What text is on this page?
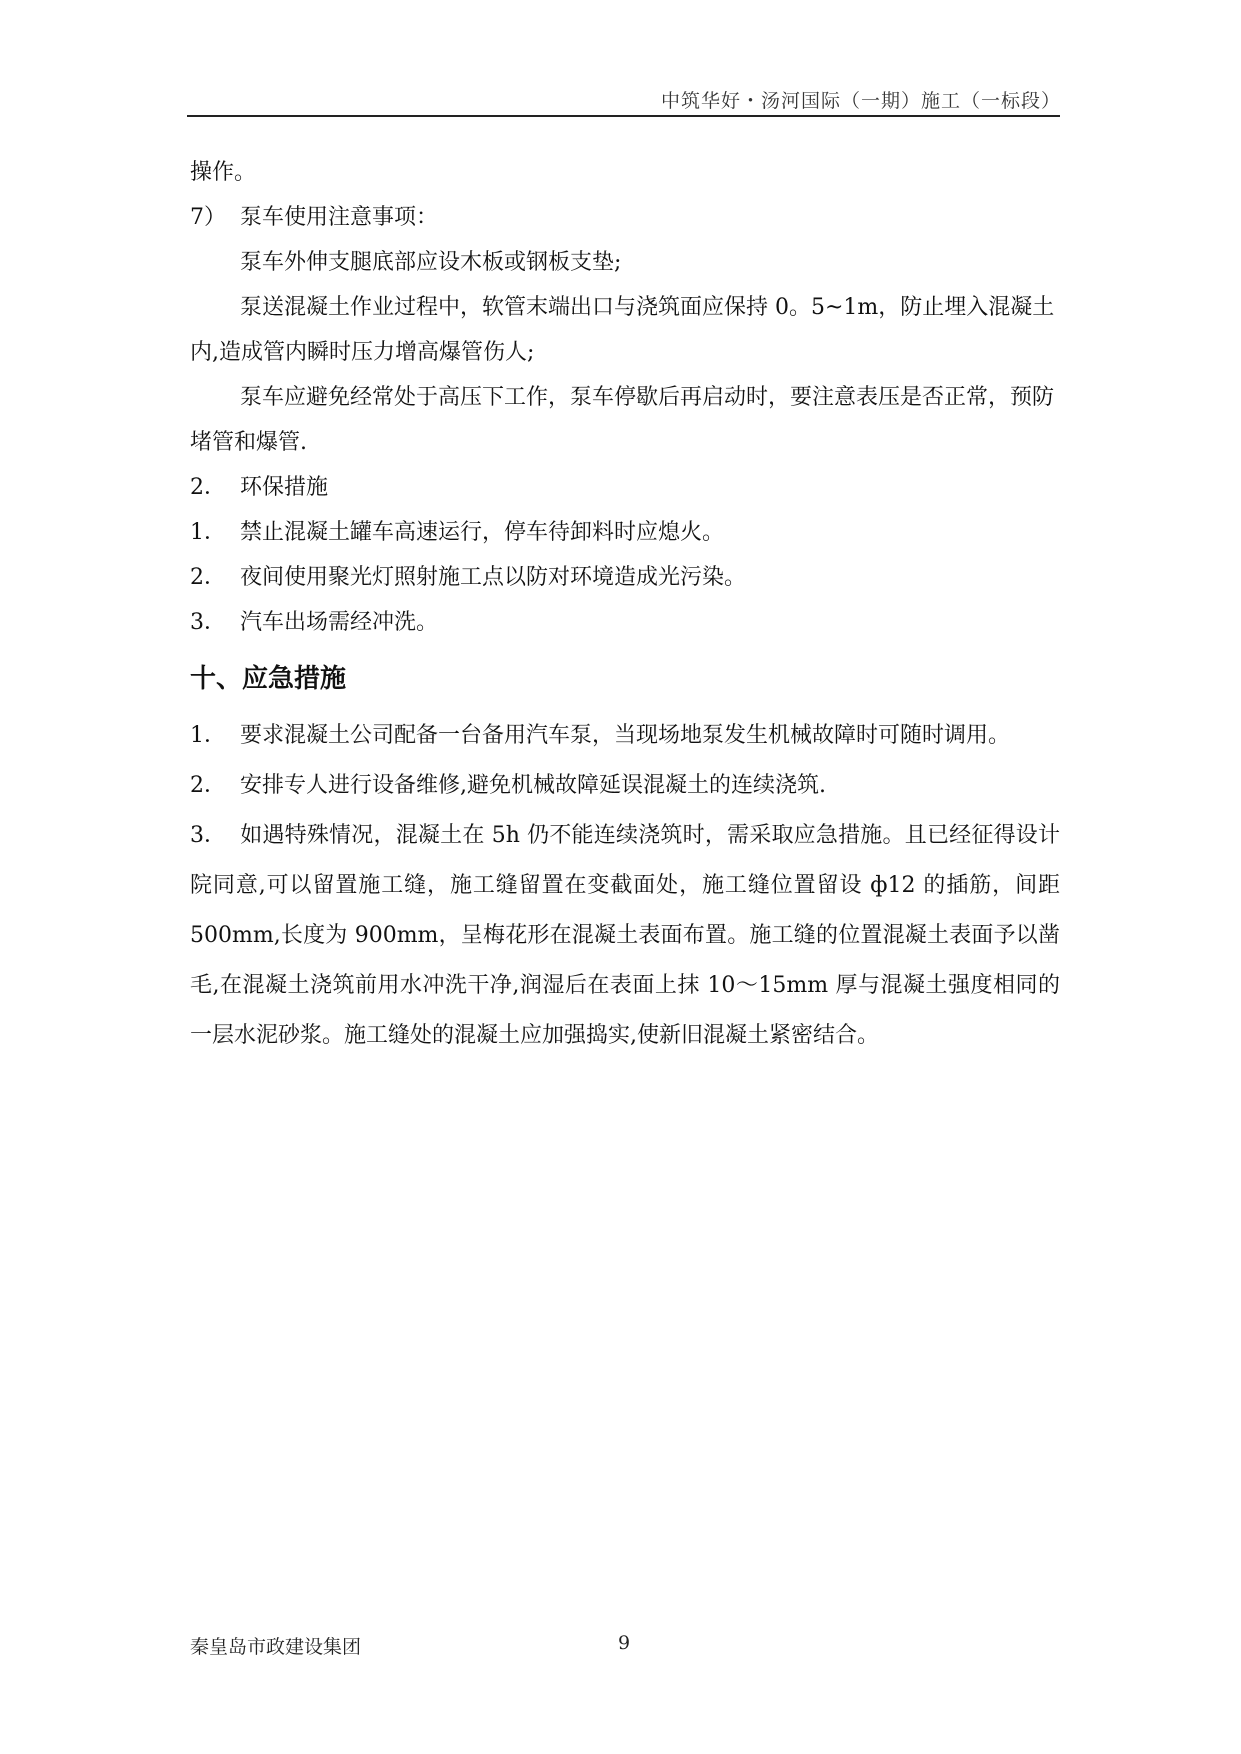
中筑华好・汤河国际（一期）施工（一标段）

操作。

7） 泵车使用注意事项：

泵车外伸支腿底部应设木板或钢板支垫;

泵送混凝土作业过程中，软管末端出口与浇筑面应保持 0。5~1m，防止埋入混凝土内,造成管内瞬时压力增高爆管伤人;

泵车应避免经常处于高压下工作，泵车停歇后再启动时，要注意表压是否正常，预防堵管和爆管.

2． 环保措施

1． 禁止混凝土罐车高速运行，停车待卸料时应熄火。

2． 夜间使用聚光灯照射施工点以防对环境造成光污染。

3． 汽车出场需经冲洗。

十、应急措施

1． 要求混凝土公司配备一台备用汽车泵，当现场地泵发生机械故障时可随时调用。

2． 安排专人进行设备维修,避免机械故障延误混凝土的连续浇筑.

3． 如遇特殊情况，混凝土在 5h 仍不能连续浇筑时，需采取应急措施。且已经征得设计院同意,可以留置施工缝，施工缝留置在变截面处，施工缝位置留设 ф12 的插筋，间距 500mm,长度为 900mm，呈梅花形在混凝土表面布置。施工缝的位置混凝土表面予以凿毛,在混凝土浇筑前用水冲洗干净,润湿后在表面上抹 10～15mm 厚与混凝土强度相同的一层水泥砂浆。施工缝处的混凝土应加强捣实,使新旧混凝土紧密结合。

秦皇岛市政建设集团	9
